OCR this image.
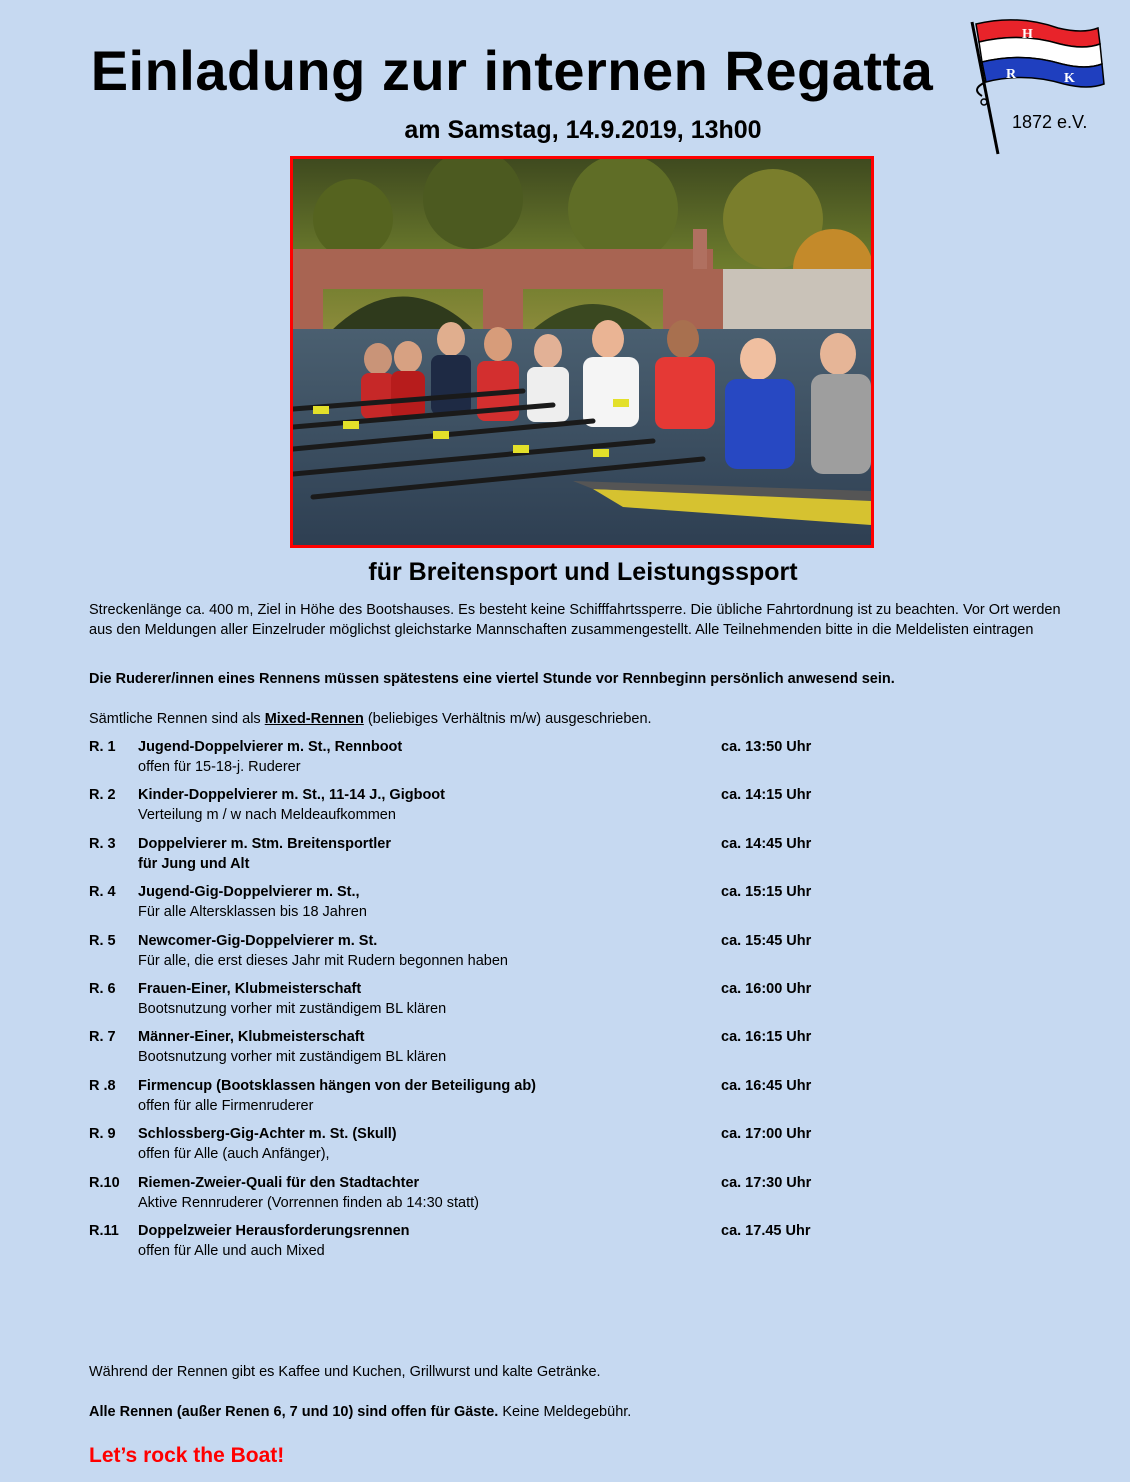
Einladung zur internen Regatta
am Samstag, 14.9.2019, 13h00
H
R	K
1872 e.V.
für Breitensport und Leistungssport
Streckenlänge ca. 400 m, Ziel in Höhe des Bootshauses. Es besteht keine Schifffahrtssperre. Die übliche Fahrtordnung ist zu beachten. Vor Ort werden aus den Meldungen aller Einzelruder möglichst gleichstarke Mannschaften zusammengestellt. Alle Teilnehmenden bitte in die Meldelisten eintragen
Die Ruderer/innen eines Rennens müssen spätestens eine viertel Stunde vor Rennbeginn persönlich anwesend sein.
Sämtliche Rennen sind als Mixed-Rennen (beliebiges Verhältnis m/w) ausgeschrieben.
R. 1 Jugend-Doppelvierer m. St., Rennboot
offen für 15-18-j. Ruderer
ca. 13:50 Uhr
R. 2 Kinder-Doppelvierer m. St., 11-14 J., Gigboot
Verteilung m / w nach Meldeaufkommen
ca. 14:15 Uhr
R. 3 Doppelvierer m. Stm. Breitensportler
für Jung und Alt
ca. 14:45 Uhr
R. 4 Jugend-Gig-Doppelvierer m. St.,
Für alle Altersklassen bis 18 Jahren
ca. 15:15 Uhr
R. 5 Newcomer-Gig-Doppelvierer m. St.
Für alle, die erst dieses Jahr mit Rudern begonnen haben
ca. 15:45 Uhr
R. 6 Frauen-Einer, Klubmeisterschaft
Bootsnutzung vorher mit zuständigem BL klären
ca. 16:00 Uhr
R. 7 Männer-Einer, Klubmeisterschaft
Bootsnutzung vorher mit zuständigem BL klären
ca. 16:15 Uhr
R .8 Firmencup (Bootsklassen hängen von der Beteiligung ab)
offen für alle Firmenruderer
ca. 16:45 Uhr
R. 9 Schlossberg-Gig-Achter m. St. (Skull)
offen für Alle (auch Anfänger),
ca. 17:00 Uhr
R.10 Riemen-Zweier-Quali für den Stadtachter
Aktive Rennruderer (Vorrennen finden ab 14:30 statt)
ca. 17:30 Uhr
R.11 Doppelzweier Herausforderungsrennen
offen für Alle und auch Mixed
ca. 17.45 Uhr
Während der Rennen gibt es Kaffee und Kuchen, Grillwurst und kalte Getränke.
Alle Rennen (außer Renen 6, 7 und 10) sind offen für Gäste. Keine Meldegebühr.
Let’s rock the Boat!
